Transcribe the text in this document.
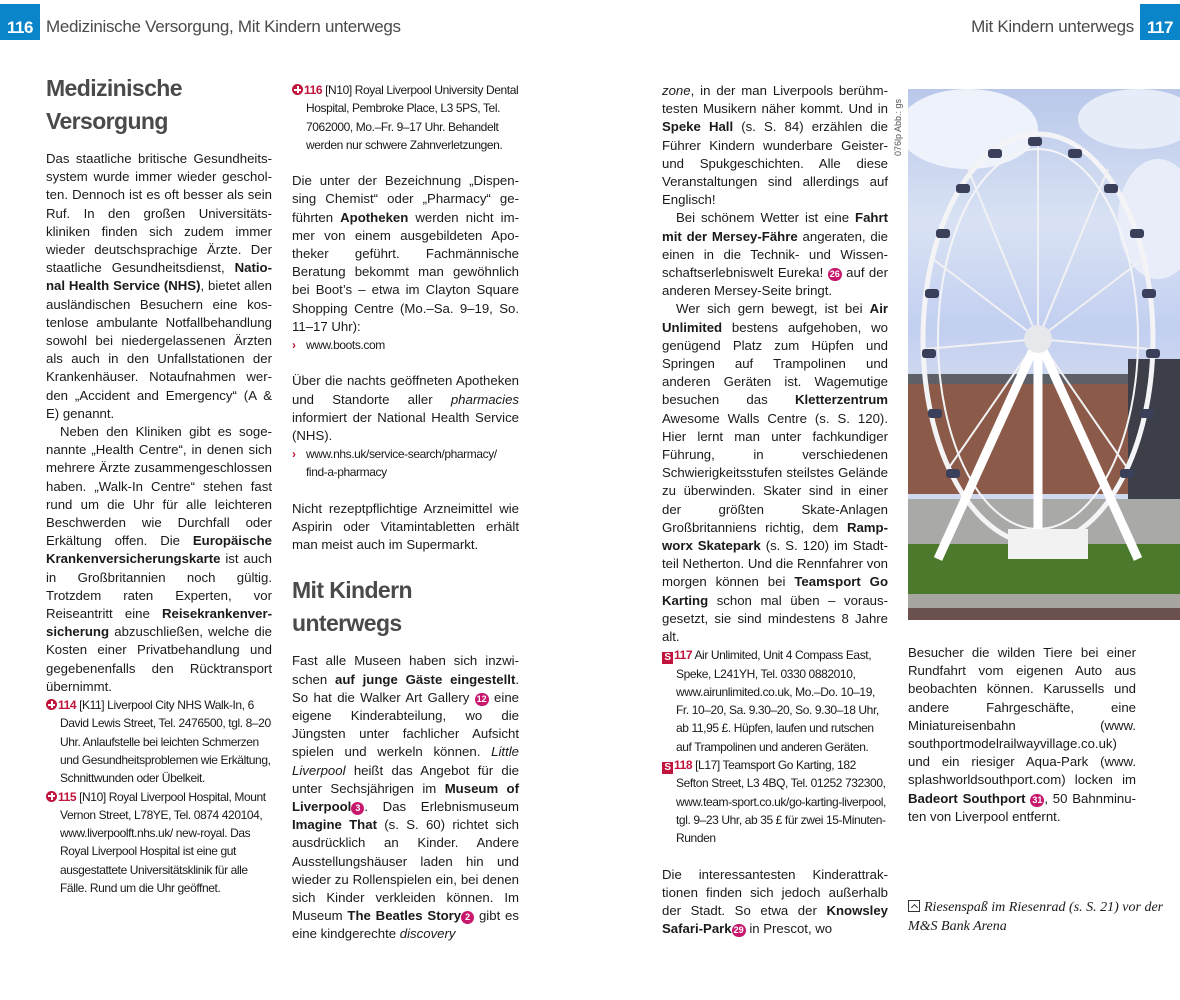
116 Medizinische Versorgung, Mit Kindern unterwegs	Mit Kindern unterwegs 117
Medizinische
Versorgung

Das staatliche britische Gesundheitssystem wurde immer wieder gescholten. Dennoch ist es oft besser als sein Ruf. In den großen Universitätskliniken finden sich zudem immer wieder deutschsprachige Ärzte. Der staatliche Gesundheitsdienst, National Health Service (NHS), bietet allen ausländischen Besuchern eine kostenlose ambulante Notfallbehandlung sowohl bei niedergelassenen Ärzten als auch in den Unfallstationen der Krankenhäuser. Notaufnahmen werden „Accident and Emergency“ (A & E) genannt.

Neben den Kliniken gibt es sogenannte „Health Centre“, in denen sich mehrere Ärzte zusammengeschlossen haben. „Walk-In Centre“ stehen fast rund um die Uhr für alle leichteren Beschwerden wie Durchfall oder Erkältung offen. Die Europäische Krankenversicherungskarte ist auch in Großbritannien noch gültig. Trotzdem raten Experten, vor Reiseantritt eine Reisekrankenversicherung abzuschließen, welche die Kosten einer Privatbehandlung und gegebenenfalls den Rücktransport übernimmt.

114 [K11] Liverpool City NHS Walk-In, 6 David Lewis Street, Tel. 2476500, tgl. 8–20 Uhr. Anlaufstelle bei leichten Schmerzen und Gesundheitsproblemen wie Erkältung, Schnittwunden oder Übelkeit.
115 [N10] Royal Liverpool Hospital, Mount Vernon Street, L78YE, Tel. 0874 420104, www.liverpoolft.nhs.uk/ new-royal. Das Royal Liverpool Hospital ist eine gut ausgestattete Universitätsklinik für alle Fälle. Rund um die Uhr geöffnet.
116 [N10] Royal Liverpool University Dental Hospital, Pembroke Place, L3 5PS, Tel. 7062000, Mo.–Fr. 9–17 Uhr. Behandelt werden nur schwere Zahnverletzungen.

Die unter der Bezeichnung „Dispensing Chemist“ oder „Pharmacy“ geführten Apotheken werden nicht immer von einem ausgebildeten Apotheker geführt. Fachmännische Beratung bekommt man gewöhnlich bei Boot’s – etwa im Clayton Square Shopping Centre (Mo.–Sa. 9–19, So. 11–17 Uhr):

› www.boots.com

Über die nachts geöffneten Apotheken und Standorte aller pharmacies informiert der National Health Service (NHS).

› www.nhs.uk/service-search/pharmacy/ find-a-pharmacy

Nicht rezeptpflichtige Arzneimittel wie Aspirin oder Vitamintabletten erhält man meist auch im Supermarkt.

Mit Kindern unterwegs

Fast alle Museen haben sich inzwischen auf junge Gäste eingestellt. So hat die Walker Art Gallery 12 eine eigene Kinderabteilung, wo die Jüngsten unter fachlicher Aufsicht spielen und werkeln können. Little Liverpool heißt das Angebot für die unter Sechsjährigen im Museum of Liverpool 3 . Das Erlebnismuseum Imagine That (s. S. 60) richtet sich ausdrücklich an Kinder. Andere Ausstellungshäuser laden hin und wieder zu Rollenspielen ein, bei denen sich Kinder verkleiden können. Im Museum The Beatles Story 2 gibt es eine kindgerechte discovery

zone, in der man Liverpools berühmtesten Musikern näher kommt. Und in Speke Hall (s. S. 84) erzählen die Führer Kindern wunderbare Geister- und Spukgeschichten. Alle diese Veranstaltungen sind allerdings auf Englisch!

Bei schönem Wetter ist eine Fahrt mit der Mersey-Fähre angeraten, die einen in die Technik- und Wissenschaftserlebniswelt Eureka! 26 auf der anderen Mersey-Seite bringt.

Wer sich gern bewegt, ist bei Air Unlimited bestens aufgehoben, wo genügend Platz zum Hüpfen und Springen auf Trampolinen und anderen Geräten ist. Wagemutige besuchen das Kletterzentrum Awesome Walls Centre (s. S. 120). Hier lernt man unter fachkundiger Führung, in verschiedenen Schwierigkeitsstufen steilstes Gelände zu überwinden. Skater sind in einer der größten Skate-Anlagen Großbritanniens richtig, dem Rampworx Skatepark (s. S. 120) im Stadtteil Netherton. Und die Rennfahrer von morgen können bei Teamsport Go Karting schon mal üben – vorausgesetzt, sie sind mindestens 8 Jahre alt.

S 117 Air Unlimited, Unit 4 Compass East, Speke, L241YH, Tel. 0330 0882010, www.airunlimited.co.uk, Mo.–Do. 10–19, Fr. 10–20, Sa. 9.30–20, So. 9.30–18 Uhr, ab 11,95 £. Hüpfen, laufen und rutschen auf Trampolinen und anderen Geräten.
S 118 [L17] Teamsport Go Karting, 182 Sefton Street, L3 4BQ, Tel. 01252 732300, www.team-sport.co.uk/go-karting-liverpool, tgl. 9–23 Uhr, ab 35 £ für zwei 15-Minuten-Runden

Die interessantesten Kinderattraktionen finden sich jedoch außerhalb der Stadt. So etwa der Knowsley Safari-Park 29 in Prescot, wo

076lp Abb.: gs

Besucher die wilden Tiere bei einer Rundfahrt vom eigenen Auto aus beobachten können. Karussells und andere Fahrgeschäfte, eine Miniatureisenbahn (www. southportmodelrailwayvillage.co.uk) und ein riesiger Aqua-Park (www. splashworldsouthport.com) locken im Badeort Southport 31 , 50 Bahnminuten von Liverpool entfernt.

Riesenspaß im Riesenrad (s. S. 21) vor der M&S Bank Arena
